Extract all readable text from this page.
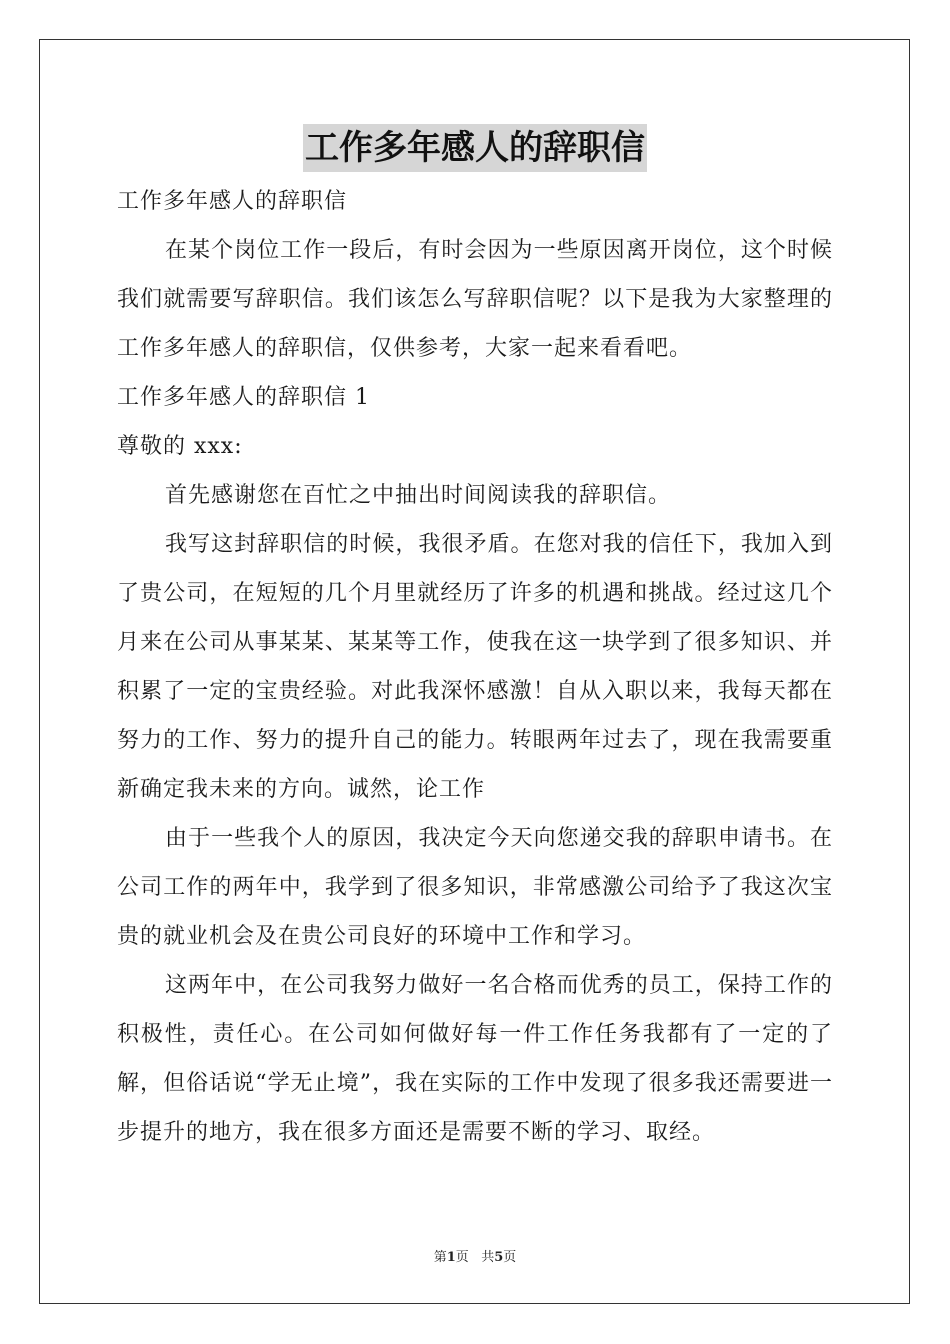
工作多年感人的辞职信

工作多年感人的辞职信

在某个岗位工作一段后，有时会因为一些原因离开岗位，这个时候我们就需要写辞职信。我们该怎么写辞职信呢？以下是我为大家整理的工作多年感人的辞职信，仅供参考，大家一起来看看吧。

工作多年感人的辞职信 1

尊敬的 xxx:

首先感谢您在百忙之中抽出时间阅读我的辞职信。

我写这封辞职信的时候，我很矛盾。在您对我的信任下，我加入到了贵公司，在短短的几个月里就经历了许多的机遇和挑战。经过这几个月来在公司从事某某、某某等工作，使我在这一块学到了很多知识、并积累了一定的宝贵经验。对此我深怀感激！自从入职以来，我每天都在努力的工作、努力的提升自己的能力。转眼两年过去了，现在我需要重新确定我未来的方向。诚然，论工作

由于一些我个人的原因，我决定今天向您递交我的辞职申请书。在公司工作的两年中，我学到了很多知识，非常感激公司给予了我这次宝贵的就业机会及在贵公司良好的环境中工作和学习。

这两年中，在公司我努力做好一名合格而优秀的员工，保持工作的积极性，责任心。在公司如何做好每一件工作任务我都有了一定的了解，但俗话说“学无止境”，我在实际的工作中发现了很多我还需要进一步提升的地方，我在很多方面还是需要不断的学习、取经。

第1页 共5页
